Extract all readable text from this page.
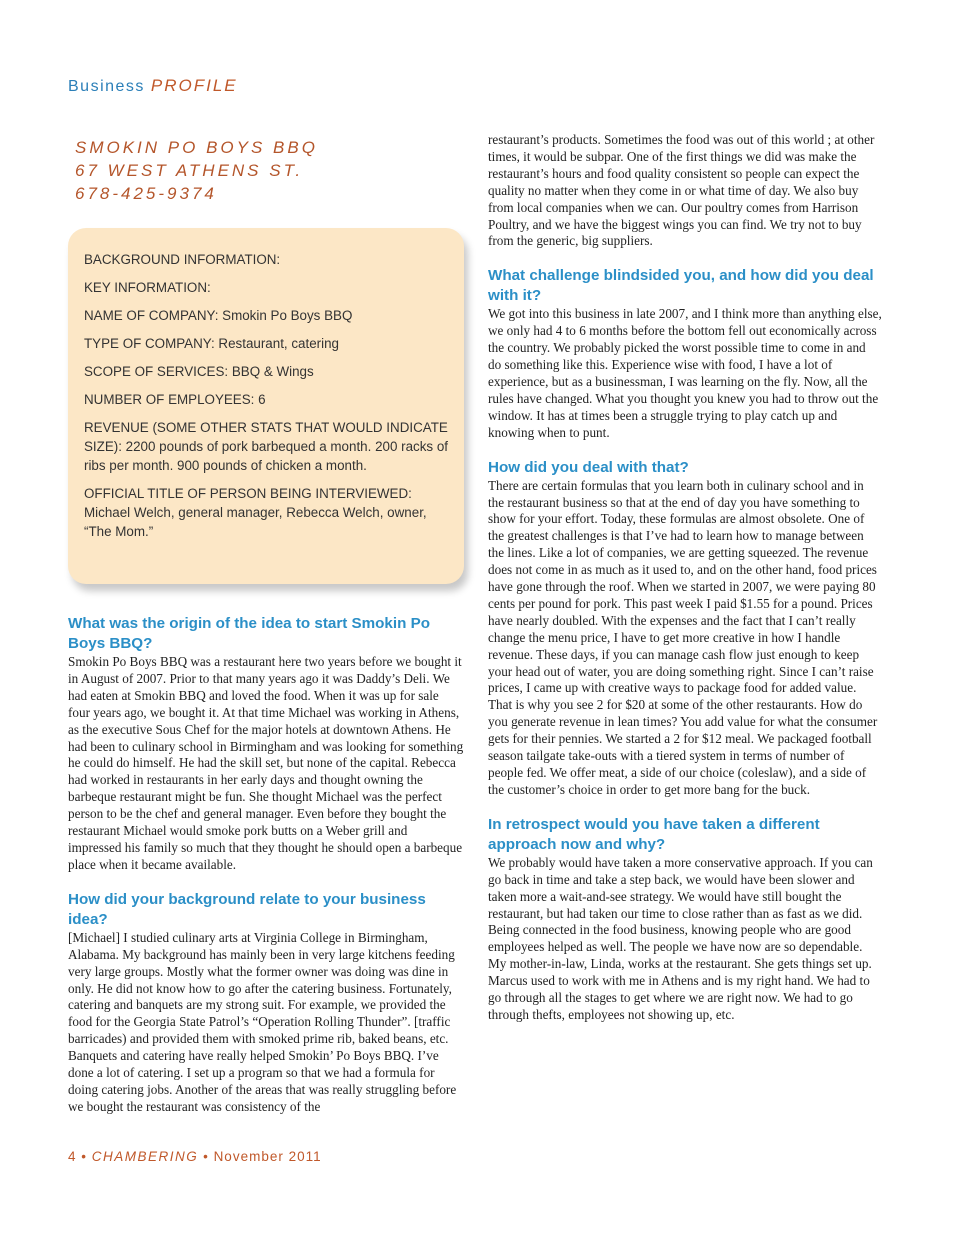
Business PROFILE
SMOKIN PO BOYS BBQ
67 WEST ATHENS ST.
678-425-9374

BACKGROUND INFORMATION:

KEY INFORMATION:

NAME OF COMPANY: Smokin Po Boys BBQ

TYPE OF COMPANY: Restaurant, catering

SCOPE OF SERVICES: BBQ & Wings

NUMBER OF EMPLOYEES: 6

REVENUE (SOME OTHER STATS THAT WOULD INDICATE SIZE): 2200 pounds of pork barbequed a month. 200 racks of ribs per month. 900 pounds of chicken a month.

OFFICIAL TITLE OF PERSON BEING INTERVIEWED: Michael Welch, general manager, Rebecca Welch, owner, “The Mom.”

What was the origin of the idea to start Smokin Po Boys BBQ?

Smokin Po Boys BBQ was a restaurant here two years before we bought it in August of 2007. Prior to that many years ago it was Daddy’s Deli. We had eaten at Smokin BBQ and loved the food. When it was up for sale four years ago, we bought it. At that time Michael was working in Athens, as the executive Sous Chef for the major hotels at downtown Athens. He had been to culinary school in Birmingham and was looking for something he could do himself. He had the skill set, but none of the capital. Rebecca had worked in restaurants in her early days and thought owning the barbeque restaurant might be fun. She thought Michael was the perfect person to be the chef and general manager. Even before they bought the restaurant Michael would smoke pork butts on a Weber grill and impressed his family so much that they thought he should open a barbeque place when it became available.

How did your background relate to your business idea?

[Michael] I studied culinary arts at Virginia College in Birmingham, Alabama. My background has mainly been in very large kitchens feeding very large groups. Mostly what the former owner was doing was dine in only. He did not know how to go after the catering business. Fortunately, catering and banquets are my strong suit. For example, we provided the food for the Georgia State Patrol’s “Operation Rolling Thunder”. [traffic barricades) and provided them with smoked prime rib, baked beans, etc. Banquets and catering have really helped Smokin’ Po Boys BBQ. I’ve done a lot of catering. I set up a program so that we had a formula for doing catering jobs. Another of the areas that was really struggling before we bought the restaurant was consistency of the

restaurant’s products. Sometimes the food was out of this world ; at other times, it would be subpar. One of the first things we did was make the restaurant’s hours and food quality consistent so people can expect the quality no matter when they come in or what time of day. We also buy from local companies when we can. Our poultry comes from Harrison Poultry, and we have the biggest wings you can find. We try not to buy from the generic, big suppliers.

What challenge blindsided you, and how did you deal with it?

We got into this business in late 2007, and I think more than anything else, we only had 4 to 6 months before the bottom fell out economically across the country. We probably picked the worst possible time to come in and do something like this. Experience wise with food, I have a lot of experience, but as a businessman, I was learning on the fly. Now, all the rules have changed. What you thought you knew you had to throw out the window. It has at times been a struggle trying to play catch up and knowing when to punt.

How did you deal with that?

There are certain formulas that you learn both in culinary school and in the restaurant business so that at the end of day you have something to show for your effort. Today, these formulas are almost obsolete. One of the greatest challenges is that I’ve had to learn how to manage between the lines. Like a lot of companies, we are getting squeezed. The revenue does not come in as much as it used to, and on the other hand, food prices have gone through the roof. When we started in 2007, we were paying 80 cents per pound for pork. This past week I paid $1.55 for a pound. Prices have nearly doubled. With the expenses and the fact that I can’t really change the menu price, I have to get more creative in how I handle revenue. These days, if you can manage cash flow just enough to keep your head out of water, you are doing something right. Since I can’t raise prices, I came up with creative ways to package food for added value. That is why you see 2 for $20 at some of the other restaurants. How do you generate revenue in lean times? You add value for what the consumer gets for their pennies. We started a 2 for $12 meal. We packaged football season tailgate take-outs with a tiered system in terms of number of people fed. We offer meat, a side of our choice (coleslaw), and a side of the customer’s choice in order to get more bang for the buck.

In retrospect would you have taken a different approach now and why?

We probably would have taken a more conservative approach. If you can go back in time and take a step back, we would have been slower and taken more a wait-and-see strategy. We would have still bought the restaurant, but had taken our time to close rather than as fast as we did. Being connected in the food business, knowing people who are good employees helped as well. The people we have now are so dependable. My mother-in-law, Linda, works at the restaurant. She gets things set up. Marcus used to work with me in Athens and is my right hand. We had to go through all the stages to get where we are right now. We had to go through thefts, employees not showing up, etc.

4 • CHAMBERING • November 2011
